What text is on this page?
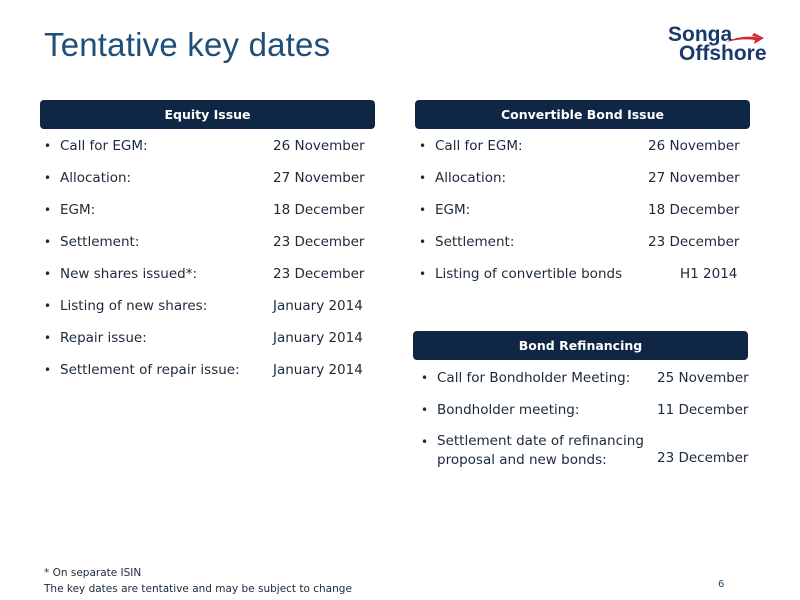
Tentative key dates	Songa
Offshore
Equity Issue
• Call for EGM:	26 November
• Allocation:	27 November
• EGM:	18 December
• Settlement:	23 December
• New shares issued*:	23 December
• Listing of new shares:	January 2014
• Repair issue:	January 2014
• Settlement of repair issue: January 2014
Convertible Bond Issue
• Call for EGM:	26 November
• Allocation:	27 November
• EGM:	18 December
• Settlement:	23 December
• Listing of convertible bonds	H1 2014
Bond Refinancing
• Call for Bondholder Meeting: 25 November
• Bondholder meeting:	11 December
• Settlement date of refinancing
proposal and new bonds:	23 December
* On separate ISIN
The key dates are tentative and may be subject to change	6
